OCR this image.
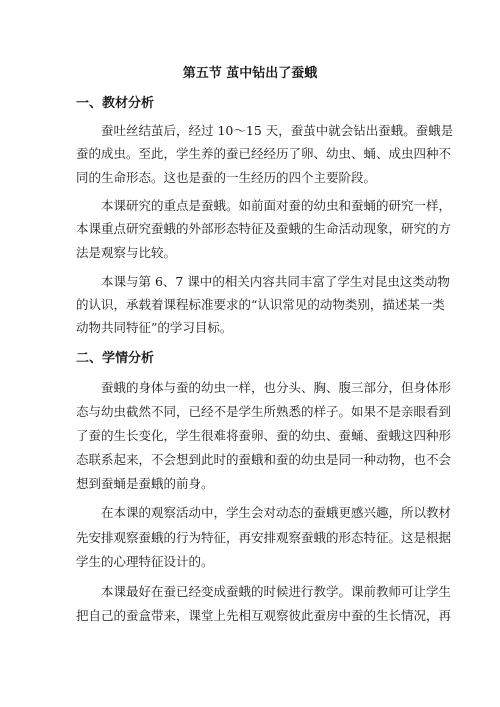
第五节 茧中钻出了蚕蛾
一、教材分析
蚕吐丝结茧后，经过 10～15 天，蚕茧中就会钻出蚕蛾。蚕蛾是
蚕的成虫。至此，学生养的蚕已经经历了卵、幼虫、蛹、成虫四种不
同的生命形态。这也是蚕的一生经历的四个主要阶段。
本课研究的重点是蚕蛾。如前面对蚕的幼虫和蚕蛹的研究一样，
本课重点研究蚕蛾的外部形态特征及蚕蛾的生命活动现象，研究的方
法是观察与比较。
本课与第 6、7 课中的相关内容共同丰富了学生对昆虫这类动物
的认识，承载着课程标准要求的“认识常见的动物类别，描述某一类
动物共同特征”的学习目标。
二、学情分析
蚕蛾的身体与蚕的幼虫一样，也分头、胸、腹三部分，但身体形
态与幼虫截然不同，已经不是学生所熟悉的样子。如果不是亲眼看到
了蚕的生长变化，学生很难将蚕卵、蚕的幼虫、蚕蛹、蚕蛾这四种形
态联系起来，不会想到此时的蚕蛾和蚕的幼虫是同一种动物，也不会
想到蚕蛹是蚕蛾的前身。
在本课的观察活动中，学生会对动态的蚕蛾更感兴趣，所以教材
先安排观察蚕蛾的行为特征，再安排观察蚕蛾的形态特征。这是根据
学生的心理特征设计的。
本课最好在蚕已经变成蚕蛾的时候进行教学。课前教师可让学生
把自己的蚕盒带来，课堂上先相互观察彼此蚕房中蚕的生长情况，再
